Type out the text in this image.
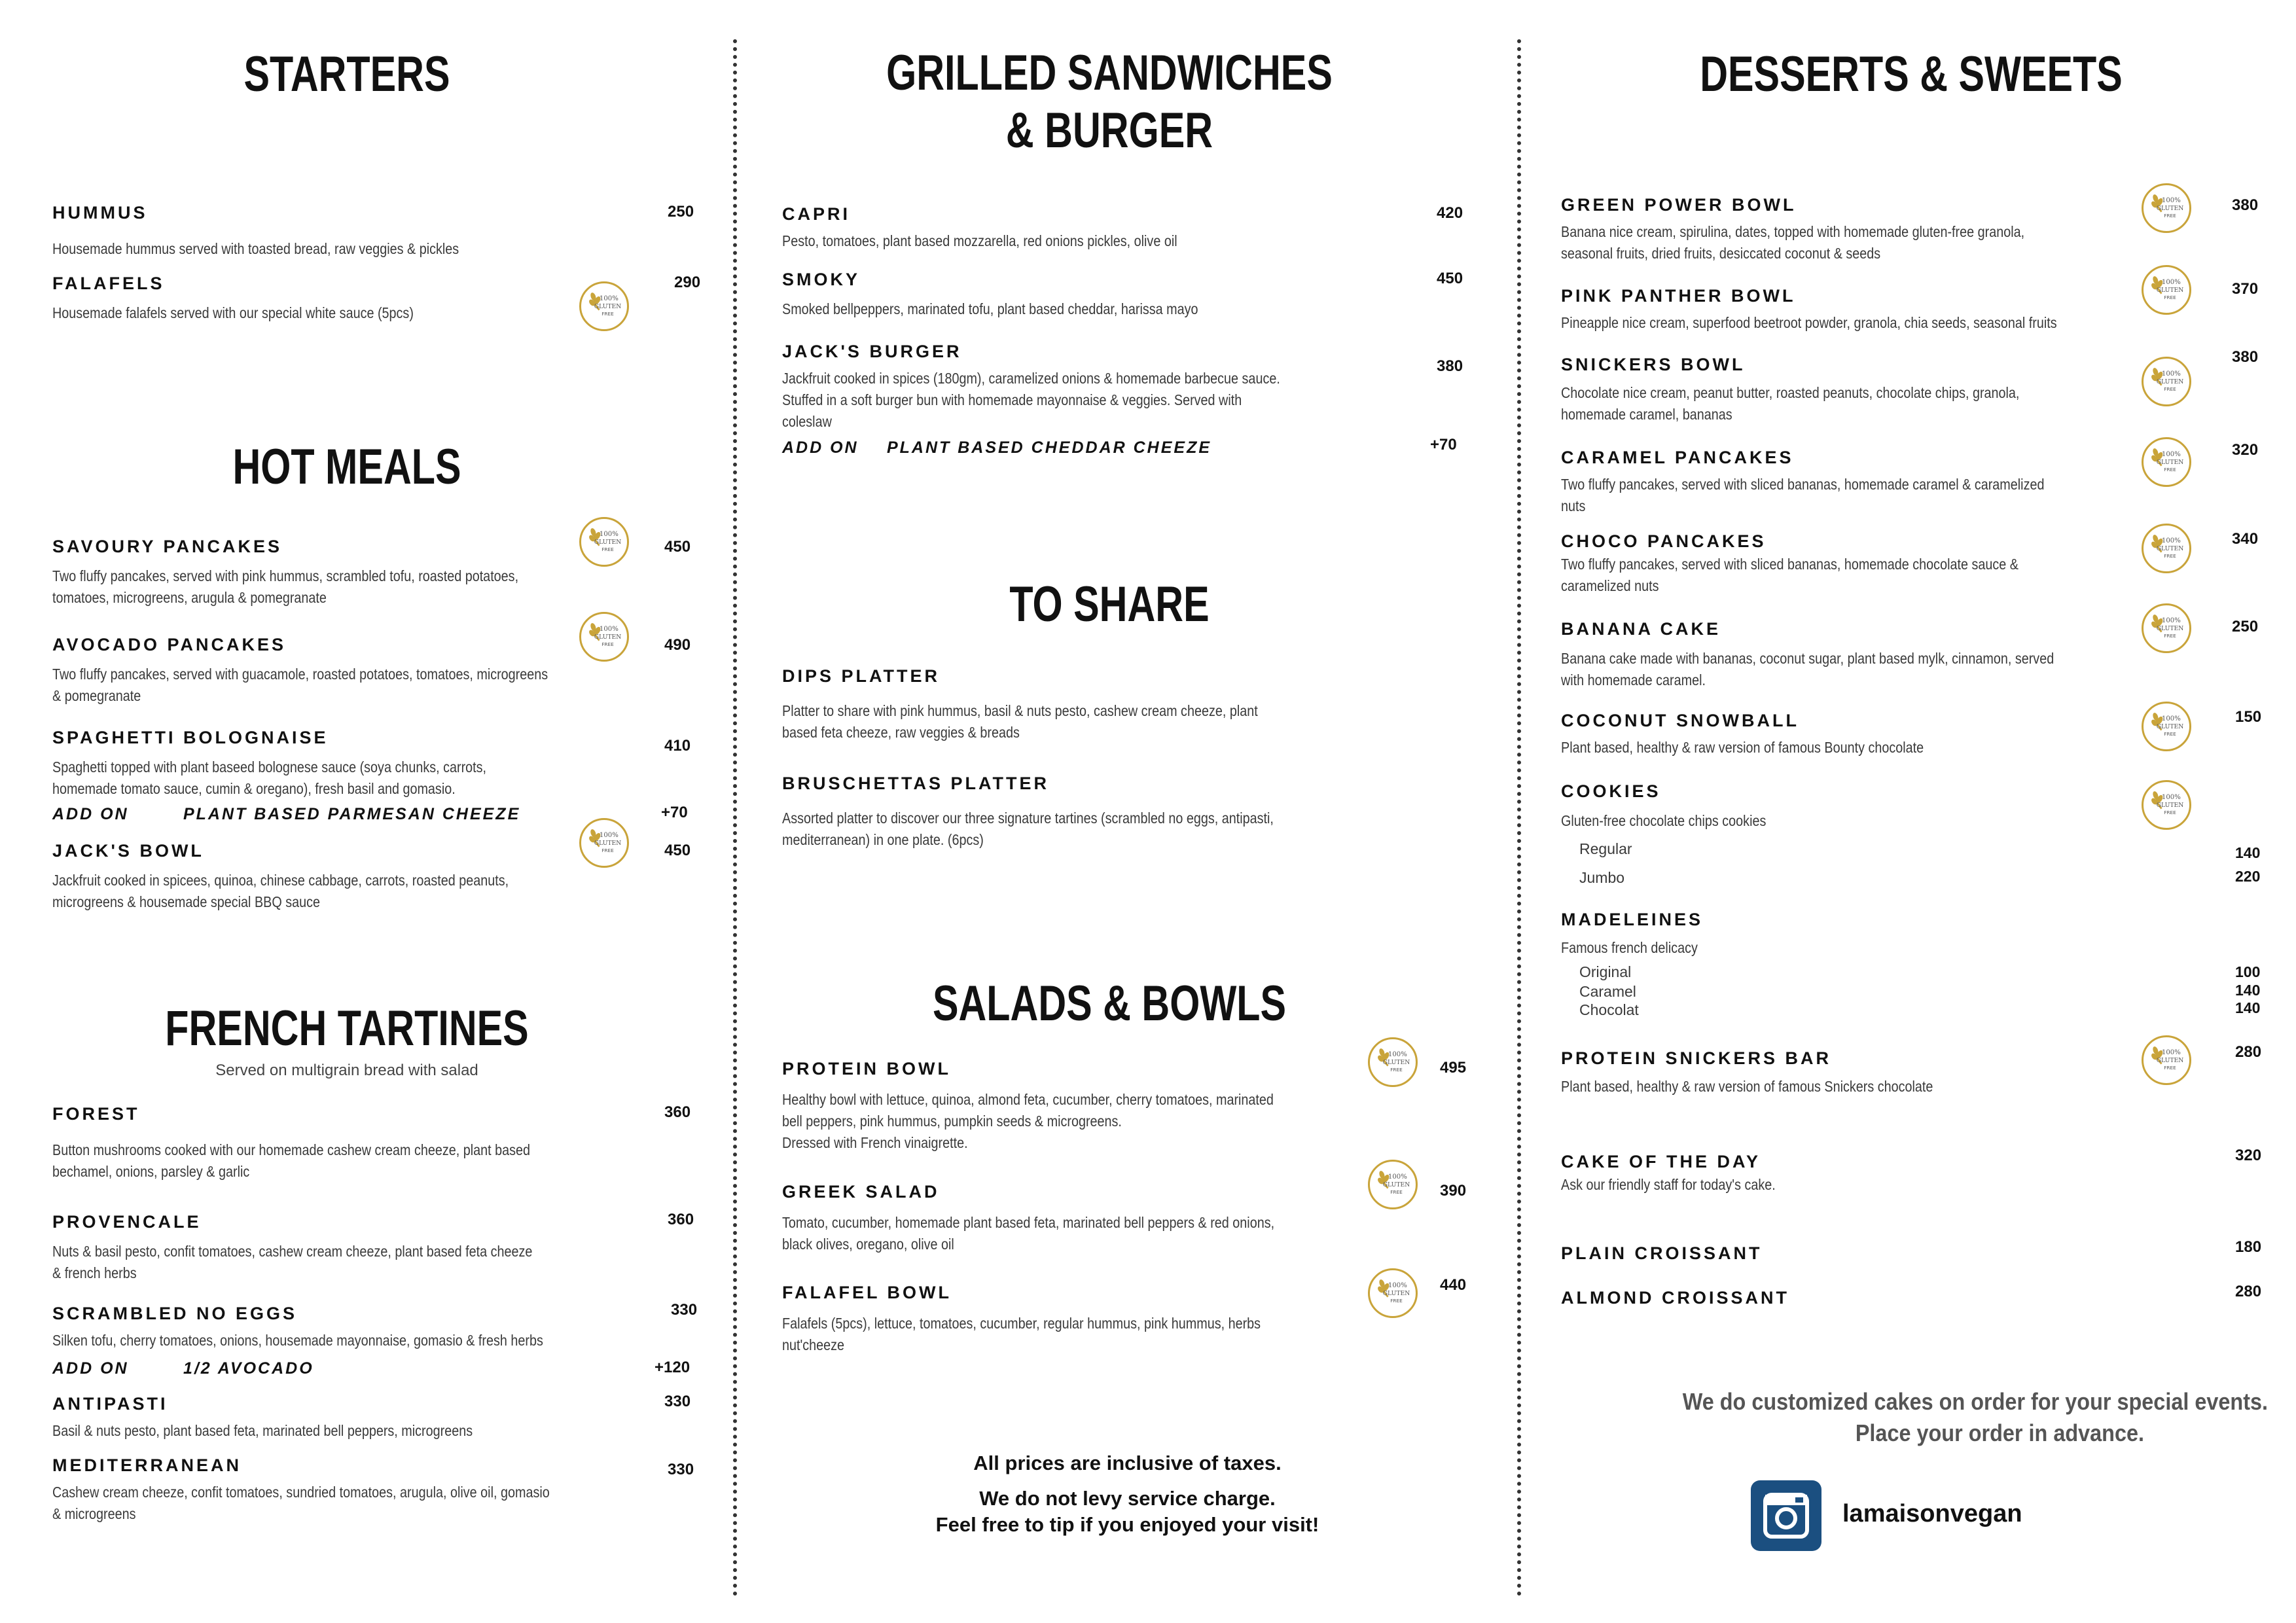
STARTERS
HUMMUS
Housemade hummus served with toasted bread, raw veggies & pickles
250
FALAFELS
Housemade falafels served with our special white sauce (5pcs)
290
100%
GLUTEN
FREE
HOT MEALS
SAVOURY PANCAKES
Two fluffy pancakes, served with pink hummus, scrambled tofu, roasted potatoes,
tomatoes, microgreens, arugula & pomegranate
450
100%
GLUTEN
FREE
AVOCADO PANCAKES
Two fluffy pancakes, served with guacamole, roasted potatoes, tomatoes, microgreens
& pomegranate
490
100%
GLUTEN
FREE
SPAGHETTI BOLOGNAISE
Spaghetti topped with plant baseed bolognese sauce (soya chunks, carrots,
homemade tomato sauce, cumin & oregano), fresh basil and gomasio.
410
ADD ON	PLANT BASED PARMESAN CHEEZE	+70
JACK'S BOWL
Jackfruit cooked in spicees, quinoa, chinese cabbage, carrots, roasted peanuts,
microgreens & housemade special BBQ sauce
450
100%
GLUTEN
FREE
FRENCH TARTINES
Served on multigrain bread with salad
FOREST
Button mushrooms cooked with our homemade cashew cream cheeze, plant based
bechamel, onions, parsley & garlic
360
PROVENCALE
Nuts & basil pesto, confit tomatoes, cashew cream cheeze, plant based feta cheeze
& french herbs
360
SCRAMBLED NO EGGS
Silken tofu, cherry tomatoes, onions, housemade mayonnaise, gomasio & fresh herbs
330
ADD ON	1/2 AVOCADO	+120
ANTIPASTI
Basil & nuts pesto, plant based feta, marinated bell peppers, microgreens
330
MEDITERRANEAN
Cashew cream cheeze, confit tomatoes, sundried tomatoes, arugula, olive oil, gomasio
& microgreens
330
GRILLED SANDWICHES
& BURGER
CAPRI
Pesto, tomatoes, plant based mozzarella, red onions pickles, olive oil
420
SMOKY
Smoked bellpeppers, marinated tofu, plant based cheddar, harissa mayo
450
JACK'S BURGER
Jackfruit cooked in spices (180gm), caramelized onions & homemade barbecue sauce.
Stuffed in a soft burger bun with homemade mayonnaise & veggies. Served with
coleslaw
380
ADD ON PLANT BASED CHEDDAR CHEEZE	+70
TO SHARE
DIPS PLATTER
Platter to share with pink hummus, basil & nuts pesto, cashew cream cheeze, plant
based feta cheeze, raw veggies & breads
BRUSCHETTAS PLATTER
Assorted platter to discover our three signature tartines (scrambled no eggs, antipasti,
mediterranean) in one plate. (6pcs)
SALADS & BOWLS
PROTEIN BOWL
Healthy bowl with lettuce, quinoa, almond feta, cucumber, cherry tomatoes, marinated
bell peppers, pink hummus, pumpkin seeds & microgreens.
Dressed with French vinaigrette.
495
100%
GLUTEN
FREE
GREEK SALAD
Tomato, cucumber, homemade plant based feta, marinated bell peppers & red onions,
black olives, oregano, olive oil
390
100%
GLUTEN
FREE
FALAFEL BOWL
Falafels (5pcs), lettuce, tomatoes, cucumber, regular hummus, pink hummus, herbs
nut'cheeze
440
100%
GLUTEN
FREE
All prices are inclusive of taxes.
We do not levy service charge.
Feel free to tip if you enjoyed your visit!
DESSERTS & SWEETS
GREEN POWER BOWL
Banana nice cream, spirulina, dates, topped with homemade gluten-free granola,
seasonal fruits, dried fruits, desiccated coconut & seeds
380
100%
GLUTEN
FREE
PINK PANTHER BOWL
Pineapple nice cream, superfood beetroot powder, granola, chia seeds, seasonal fruits
370
100%
GLUTEN
FREE
SNICKERS BOWL
Chocolate nice cream, peanut butter, roasted peanuts, chocolate chips, granola,
homemade caramel, bananas
380
100%
GLUTEN
FREE
CARAMEL PANCAKES
Two fluffy pancakes, served with sliced bananas, homemade caramel & caramelized
nuts
320
100%
GLUTEN
FREE
CHOCO PANCAKES
Two fluffy pancakes, served with sliced bananas, homemade chocolate sauce &
caramelized nuts
340
100%
GLUTEN
FREE
BANANA CAKE
Banana cake made with bananas, coconut sugar, plant based mylk, cinnamon, served
with homemade caramel.
250
100%
GLUTEN
FREE
COCONUT SNOWBALL
Plant based, healthy & raw version of famous Bounty chocolate
150
100%
GLUTEN
FREE
COOKIES
Gluten-free chocolate chips cookies
100%
GLUTEN
FREE
Regular	140
Jumbo	220
MADELEINES
Famous french delicacy
Original	100
Caramel	140
Chocolat	140
PROTEIN SNICKERS BAR
Plant based, healthy & raw version of famous Snickers chocolate
280
100%
GLUTEN
FREE
CAKE OF THE DAY
Ask our friendly staff for today's cake.
320
PLAIN CROISSANT	180
ALMOND CROISSANT	280
We do customized cakes on order for your special events.
Place your order in advance.
lamaisonvegan
